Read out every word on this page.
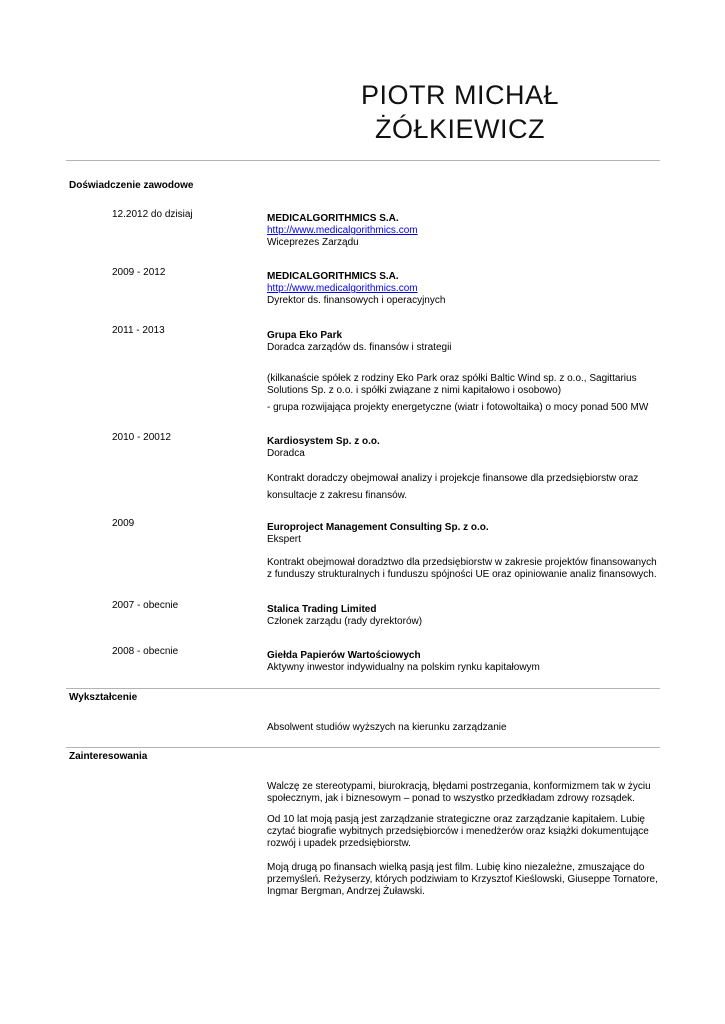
PIOTR MICHAŁ
ŻÓŁKIEWICZ
Doświadczenie zawodowe
12.2012 do dzisiaj	MEDICALGORITHMICS S.A.
http://www.medicalgorithmics.com
Wiceprezes Zarządu
2009 - 2012	MEDICALGORITHMICS S.A.
http://www.medicalgorithmics.com
Dyrektor ds. finansowych i operacyjnych
2011 - 2013	Grupa Eko Park
Doradca zarządów ds. finansów i strategii
(kilkanaście spółek z rodziny Eko Park oraz spółki Baltic Wind sp. z o.o., Sagittarius Solutions Sp. z o.o. i spółki związane z nimi kapitałowo i osobowo)
- grupa rozwijająca projekty energetyczne (wiatr i fotowoltaika) o mocy ponad 500 MW
2010 - 20012	Kardiosystem Sp. z o.o.
Doradca
Kontrakt doradczy obejmował analizy i projekcje finansowe dla przedsiębiorstw oraz konsultacje z zakresu finansów.
2009	Europroject Management Consulting Sp. z o.o.
Ekspert
Kontrakt obejmował doradztwo dla przedsiębiorstw w zakresie projektów finansowanych z funduszy strukturalnych i funduszu spójności UE oraz opiniowanie analiz finansowych.
2007 - obecnie	Stalica Trading Limited
Członek zarządu (rady dyrektorów)
2008 - obecnie	Giełda Papierów Wartościowych
Aktywny inwestor indywidualny na polskim rynku kapitałowym
Wykształcenie
Absolwent studiów wyższych na kierunku zarządzanie
Zainteresowania
Walczę ze stereotypami, biurokracją, błędami postrzegania, konformizmem tak w życiu społecznym, jak i biznesowym – ponad to wszystko przedkładam zdrowy rozsądek.
Od 10 lat moją pasją jest zarządzanie strategiczne oraz zarządzanie kapitałem. Lubię czytać biografie wybitnych przedsiębiorców i menedżerów oraz książki dokumentujące rozwój i upadek przedsiębiorstw.
Moją drugą po finansach wielką pasją jest film. Lubię kino niezależne, zmuszające do przemyśleń. Reżyserzy, których podziwiam to Krzysztof Kieślowski, Giuseppe Tornatore, Ingmar Bergman, Andrzej Żuławski.
